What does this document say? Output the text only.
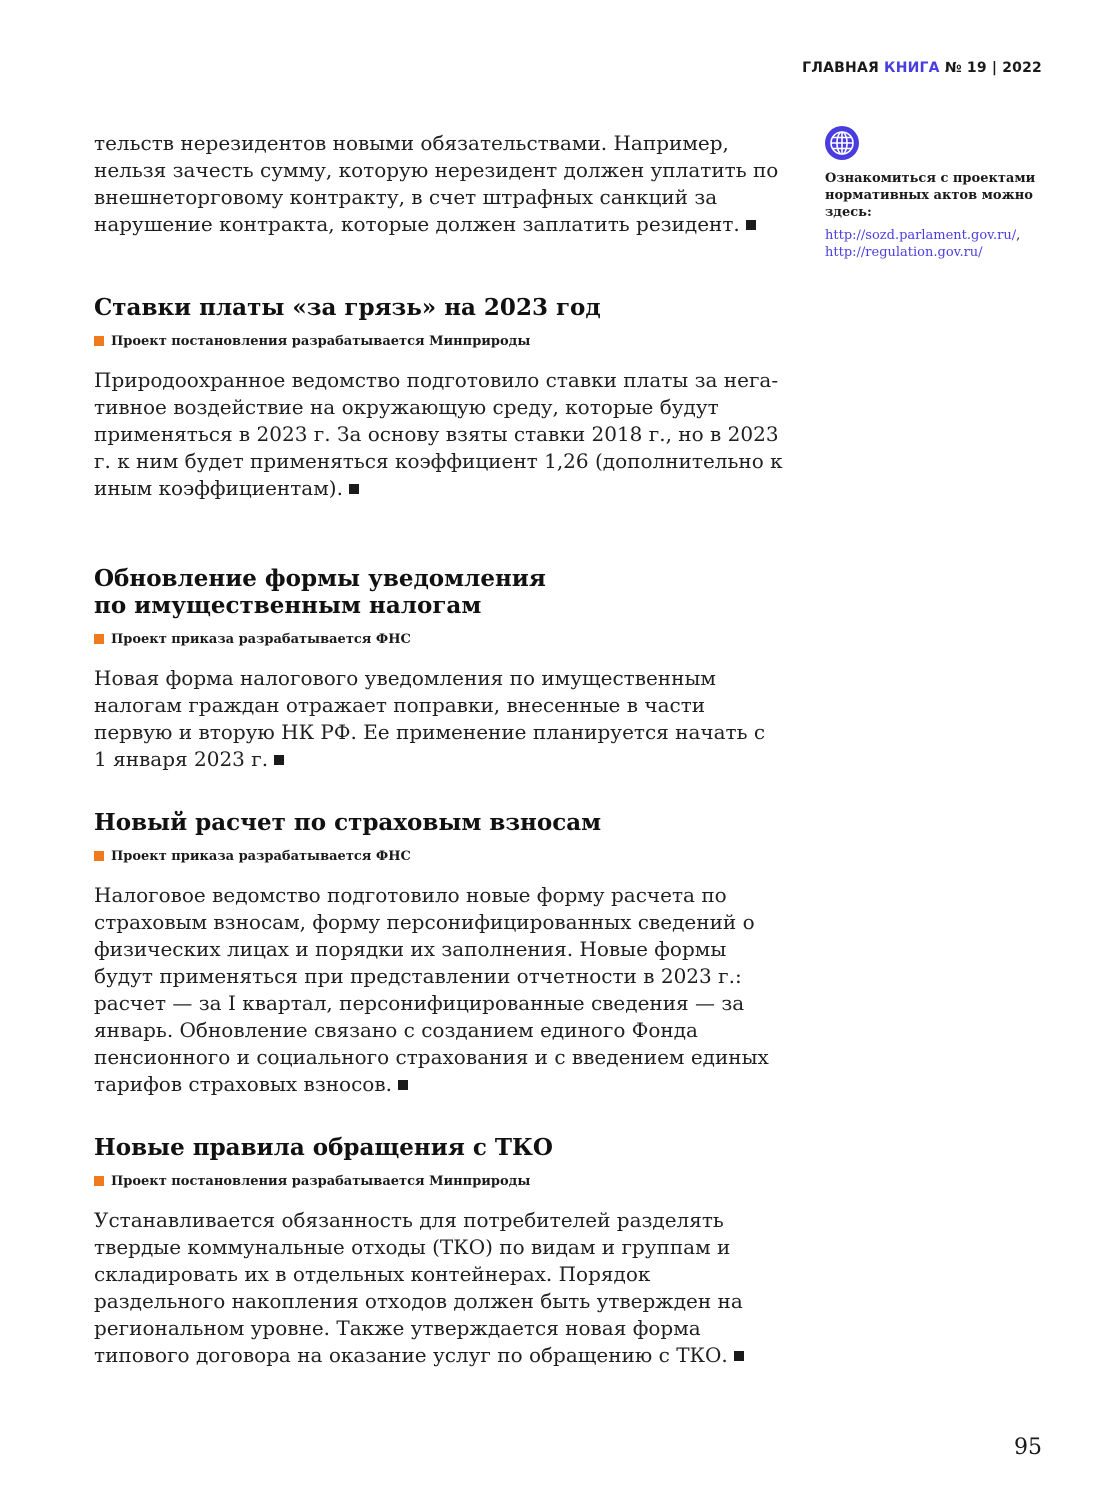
ГЛАВНАЯ КНИГА № 19 | 2022

тельств нерезидентов новыми обязательствами. Например, нельзя зачесть сумму, которую нерезидент должен уплатить по внешнеторговому контракту, в счет штрафных санкций за нарушение контракта, которые должен заплатить резидент.

Ставки платы «за грязь» на 2023 год
Проект постановления разрабатывается Минприроды

Природоохранное ведомство подготовило ставки платы за негативное воздействие на окружающую среду, которые будут применяться в 2023 г. За основу взяты ставки 2018 г., но в 2023 г. к ним будет применяться коэффициент 1,26 (дополнительно к иным коэффициентам).

Обновление формы уведомления
по имущественным налогам
Проект приказа разрабатывается ФНС

Новая форма налогового уведомления по имущественным налогам граждан отражает поправки, внесенные в части первую и вторую НК РФ. Ее применение планируется начать с 1 января 2023 г.

Новый расчет по страховым взносам
Проект приказа разрабатывается ФНС

Налоговое ведомство подготовило новые форму расчета по страховым взносам, форму персонифицированных сведений о физических лицах и порядки их заполнения. Новые формы будут применяться при представлении отчетности в 2023 г.: расчет — за I квартал, персонифицированные сведения — за январь. Обновление связано с созданием единого Фонда пенсионного и социального страхования и с введением единых тарифов страховых взносов.

Новые правила обращения с ТКО
Проект постановления разрабатывается Минприроды

Устанавливается обязанность для потребителей разделять твердые коммунальные отходы (ТКО) по видам и группам и складировать их в отдельных контейнерах. Порядок раздельного накопления отходов должен быть утвержден на региональном уровне. Также утверждается новая форма типового договора на оказание услуг по обращению с ТКО.

Ознакомиться с проектами нормативных актов можно здесь:
http://sozd.parlament.gov.ru/,
http://regulation.gov.ru/
95
